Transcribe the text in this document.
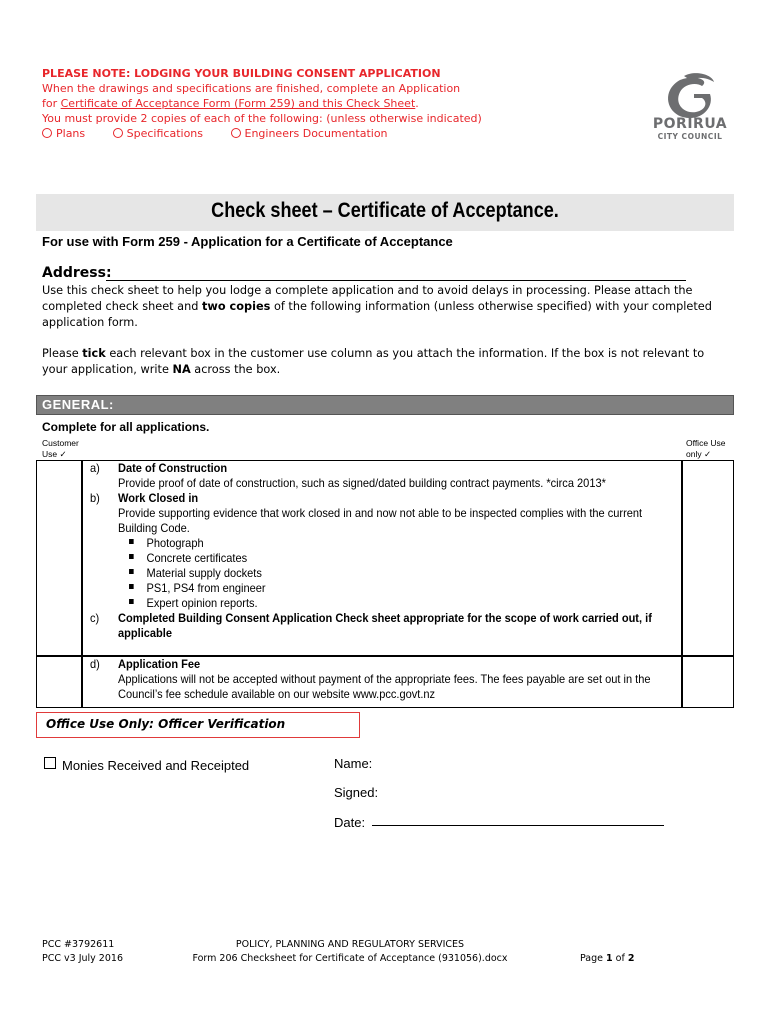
PLEASE NOTE: LODGING YOUR BUILDING CONSENT APPLICATION
When the drawings and specifications are finished, complete an Application
for Certificate of Acceptance Form (Form 259) and this Check Sheet.
You must provide 2 copies of each of the following: (unless otherwise indicated)
Plans	Specifications	Engineers Documentation
PORIRUA
CITY COUNCIL
Check sheet – Certificate of Acceptance.
For use with Form 259 - Application for a Certificate of Acceptance
Address:
Use this check sheet to help you lodge a complete application and to avoid delays in processing. Please attach the completed check sheet and two copies of the following information (unless otherwise specified) with your completed application form.
Please tick each relevant box in the customer use column as you attach the information. If the box is not relevant to your application, write NA across the box.
GENERAL:
Complete for all applications.
Customer
Use ✓
Office Use
only ✓
a) Date of Construction
Provide proof of date of construction, such as signed/dated building contract payments. *circa 2013*
b) Work Closed in
Provide supporting evidence that work closed in and now not able to be inspected complies with the current Building Code.
Photograph
Concrete certificates
Material supply dockets
PS1, PS4 from engineer
Expert opinion reports.
c) Completed Building Consent Application Check sheet appropriate for the scope of work carried out, if applicable
d) Application Fee
Applications will not be accepted without payment of the appropriate fees. The fees payable are set out in the Council’s fee schedule available on our website www.pcc.govt.nz
Office Use Only: Officer Verification
Monies Received and Receipted	Name:
Signed:
Date:
PCC #3792611
PCC v3 July 2016
POLICY, PLANNING AND REGULATORY SERVICES
Form 206 Checksheet for Certificate of Acceptance (931056).docx	Page 1 of 2
